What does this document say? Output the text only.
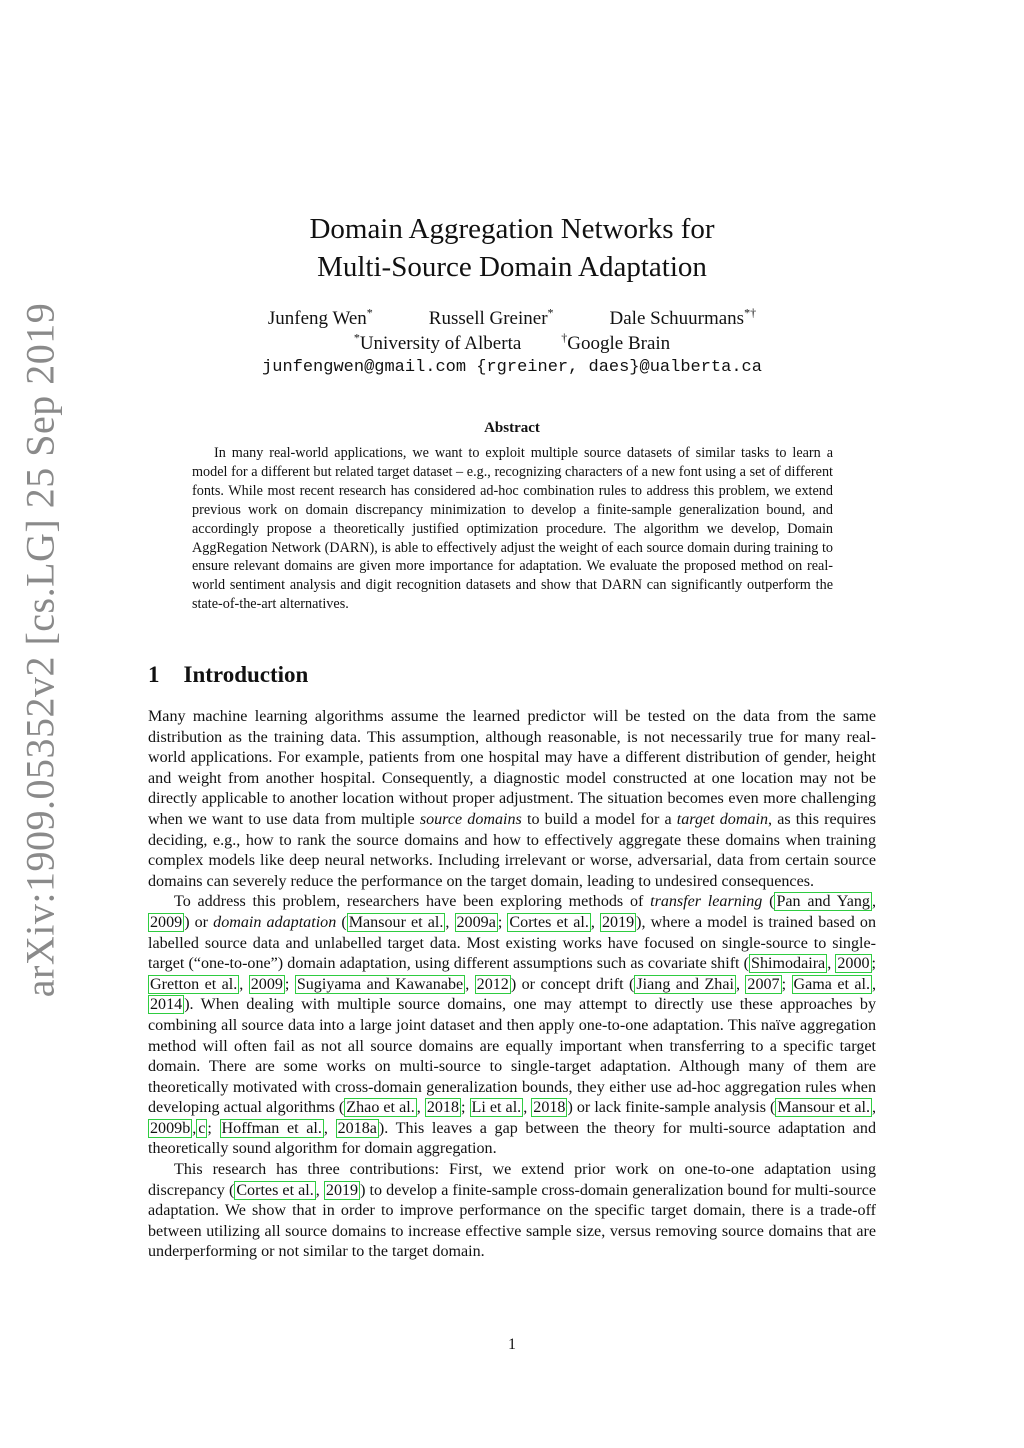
arXiv:1909.05352v2 [cs.LG] 25 Sep 2019
Domain Aggregation Networks for
Multi-Source Domain Adaptation
Junfeng Wen*	Russell Greiner*	Dale Schuurmans*†
*University of Alberta	†Google Brain
junfengwen@gmail.com {rgreiner, daes}@ualberta.ca
Abstract

In many real-world applications, we want to exploit multiple source datasets of similar tasks to learn a model for a different but related target dataset – e.g., recognizing characters of a new font using a set of different fonts. While most recent research has considered ad-hoc combination rules to address this problem, we extend previous work on domain discrepancy minimization to develop a finite-sample generalization bound, and accordingly propose a theoretically justified optimization procedure. The algorithm we develop, Domain AggRegation Network (DARN), is able to effectively adjust the weight of each source domain during training to ensure relevant domains are given more importance for adaptation. We evaluate the proposed method on real-world sentiment analysis and digit recognition datasets and show that DARN can significantly outperform the state-of-the-art alternatives.

1 Introduction

Many machine learning algorithms assume the learned predictor will be tested on the data from the same distribution as the training data. This assumption, although reasonable, is not necessarily true for many real-world applications. For example, patients from one hospital may have a different distribution of gender, height and weight from another hospital. Consequently, a diagnostic model constructed at one location may not be directly applicable to another location without proper adjustment. The situation becomes even more challenging when we want to use data from multiple source domains to build a model for a target domain, as this requires deciding, e.g., how to rank the source domains and how to effectively aggregate these domains when training complex models like deep neural networks. Including irrelevant or worse, adversarial, data from certain source domains can severely reduce the performance on the target domain, leading to undesired consequences.

To address this problem, researchers have been exploring methods of transfer learning ( Pan and Yang , 2009 ) or domain adaptation ( Mansour et al. , 2009a ; Cortes et al. , 2019 ), where a model is trained based on labelled source data and unlabelled target data. Most existing works have focused on single-source to single-target (“one-to-one”) domain adaptation, using different assumptions such as covariate shift ( Shimodaira , 2000 ; Gretton et al. , 2009 ; Sugiyama and Kawanabe , 2012 ) or concept drift ( Jiang and Zhai , 2007 ; Gama et al. , 2014 ). When dealing with multiple source domains, one may attempt to directly use these approaches by combining all source data into a large joint dataset and then apply one-to-one adaptation. This naïve aggregation method will often fail as not all source domains are equally important when transferring to a specific target domain. There are some works on multi-source to single-target adaptation. Although many of them are theoretically motivated with cross-domain generalization bounds, they either use ad-hoc aggregation rules when developing actual algorithms ( Zhao et al. , 2018 ; Li et al. , 2018 ) or lack finite-sample analysis ( Mansour et al. , 2009b , c ; Hoffman et al. , 2018a ). This leaves a gap between the theory for multi-source adaptation and theoretically sound algorithm for domain aggregation.

This research has three contributions: First, we extend prior work on one-to-one adaptation using discrepancy ( Cortes et al. , 2019 ) to develop a finite-sample cross-domain generalization bound for multi-source adaptation. We show that in order to improve performance on the specific target domain, there is a trade-off between utilizing all source domains to increase effective sample size, versus removing source domains that are underperforming or not similar to the target domain.

1
